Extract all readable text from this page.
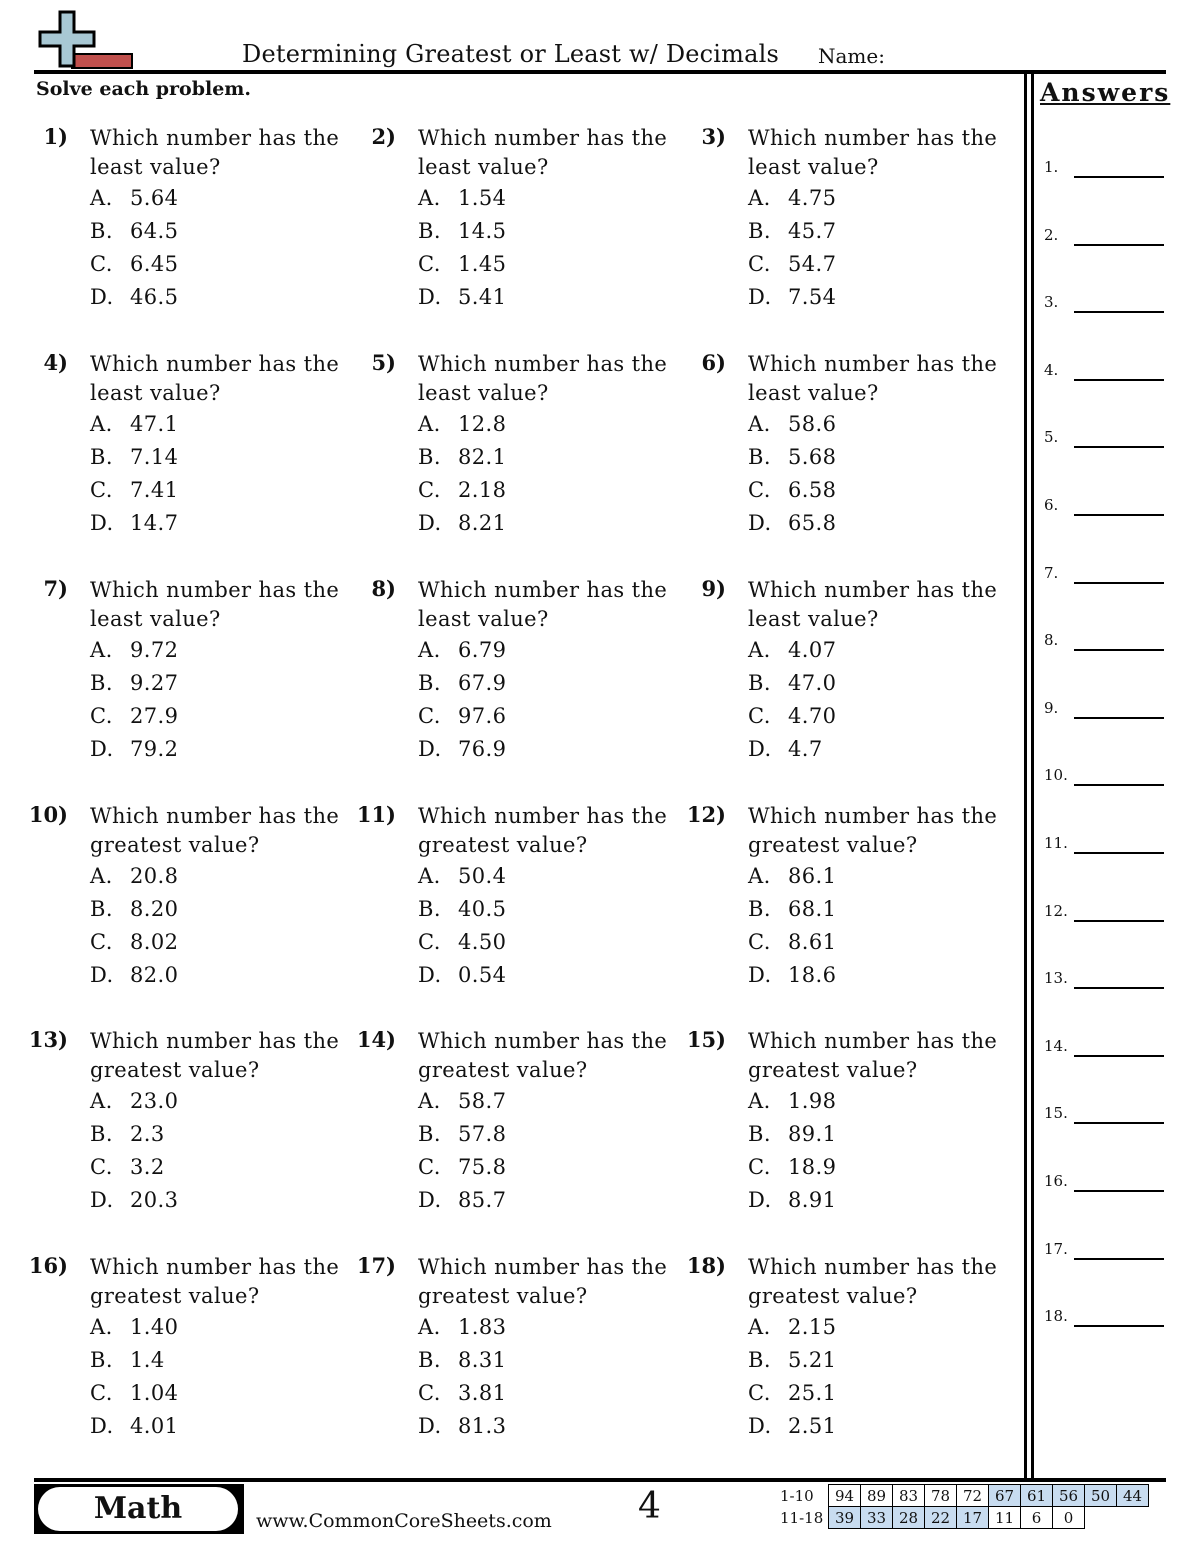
Determining Greatest or Least w/ Decimals Name:
Solve each problem.	Answers
1.
2.
3.
4.
5.
6.
7.
8.
9.
10.
11.
12.
13.
14.
15.
16.
17.
18.
1) Which number has the least value?
A. 5.64
B. 64.5
C. 6.45
D. 46.5
2) Which number has the least value?
A. 1.54
B. 14.5
C. 1.45
D. 5.41
3) Which number has the least value?
A. 4.75
B. 45.7
C. 54.7
D. 7.54
4) Which number has the least value?
A. 47.1
B. 7.14
C. 7.41
D. 14.7
5) Which number has the least value?
A. 12.8
B. 82.1
C. 2.18
D. 8.21
6) Which number has the least value?
A. 58.6
B. 5.68
C. 6.58
D. 65.8
7) Which number has the least value?
A. 9.72
B. 9.27
C. 27.9
D. 79.2
8) Which number has the least value?
A. 6.79
B. 67.9
C. 97.6
D. 76.9
9) Which number has the least value?
A. 4.07
B. 47.0
C. 4.70
D. 4.7
10) Which number has the greatest value?
A. 20.8
B. 8.20
C. 8.02
D. 82.0
11) Which number has the greatest value?
A. 50.4
B. 40.5
C. 4.50
D. 0.54
12) Which number has the greatest value?
A. 86.1
B. 68.1
C. 8.61
D. 18.6
13) Which number has the greatest value?
A. 23.0
B. 2.3
C. 3.2
D. 20.3
14) Which number has the greatest value?
A. 58.7
B. 57.8
C. 75.8
D. 85.7
15) Which number has the greatest value?
A. 1.98
B. 89.1
C. 18.9
D. 8.91
16) Which number has the greatest value?
A. 1.40
B. 1.4
C. 1.04
D. 4.01
17) Which number has the greatest value?
A. 1.83
B. 8.31
C. 3.81
D. 81.3
18) Which number has the greatest value?
A. 2.15
B. 5.21
C. 25.1
D. 2.51
Math	www.CommonCoreSheets.com 4	1-10	94	89	83	78	72	67	61	56	50	44
11-18	39	33	28	22	17	11	6	0		
